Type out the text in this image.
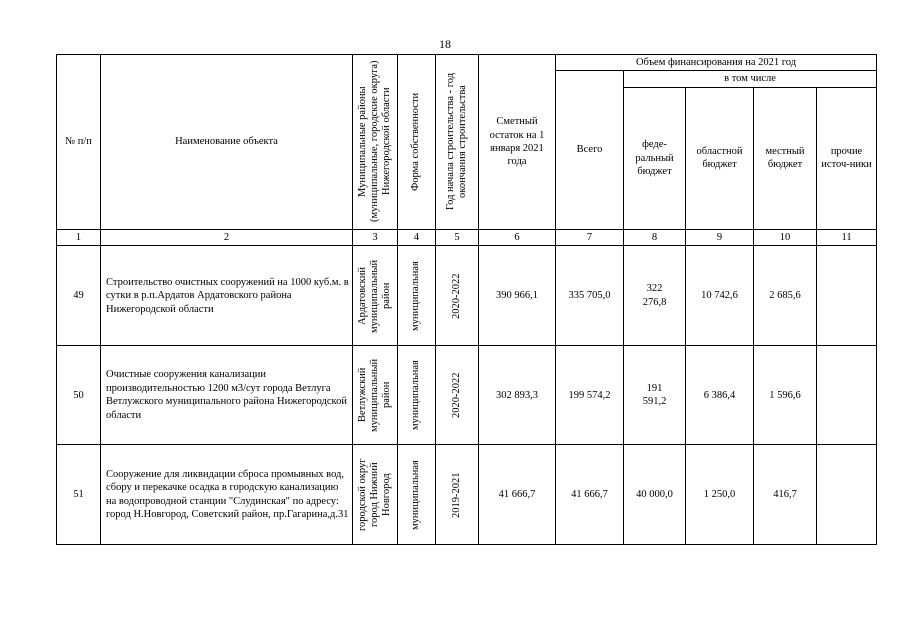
18
№ п/п	Наименование объекта	Муниципальные районы (муниципальные, городские округа) Нижегородской области	Форма собственности	Год начала строительства - год окончания строительства	Сметный остаток на 1 января 2021 года	Объем финансирования на 2021 год				
						Всего	в том числе			
							феде-ральный бюджет	областной бюджет	местный бюджет	прочие источ-ники
1	2	3	4	5	6	7	8	9	10	11
49	Строительство очистных сооружений на 1000 куб.м. в сутки в р.п.Ардатов Ардатовского района Нижегородской области	Ардатовский муниципальный район	муниципальная	2020-2022	390 966,1	335 705,0	322 276,8	10 742,6	2 685,6	
50	Очистные сооружения канализации производительностью 1200 м3/сут города Ветлуга Ветлужского муниципального района Нижегородской области	Ветлужский муниципальный район	муниципальная	2020-2022	302 893,3	199 574,2	191 591,2	6 386,4	1 596,6	
51	Сооружение для ликвидации сброса промывных вод, сбору и перекачке осадка в городскую канализацию на водопроводной станции "Слудинская" по адресу: город Н.Новгород, Советский район, пр.Гагарина,д.31	городской округ город Нижний Новгород	муниципальная	2019-2021	41 666,7	41 666,7	40 000,0	1 250,0	416,7	
